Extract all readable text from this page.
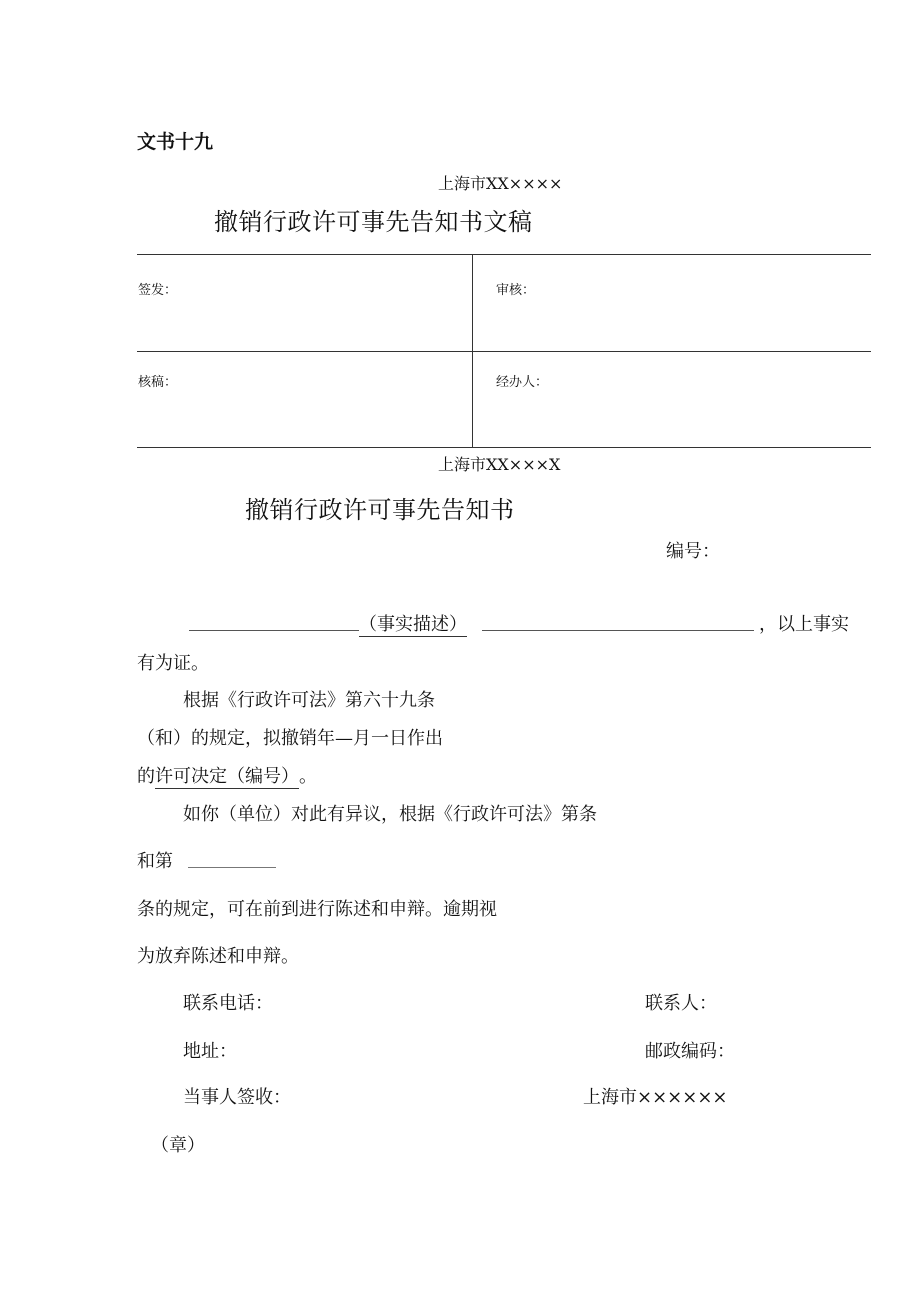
文书十九
上海市XX××××
撤销行政许可事先告知书文稿
签发：	审核：
核稿：	经办人：
上海市XX×××X
撤销行政许可事先告知书
编号：
（事实描述）	，以上事实
有为证。
根据《行政许可法》第六十九条
（和）的规定，拟撤销年—月一日作出
的许可决定（编号）。
如你（单位）对此有异议，根据《行政许可法》第条
和第
条的规定，可在前到进行陈述和申辩。逾期视
为放弃陈述和申辩。
联系电话：	联系人：
地址：	邮政编码：
当事人签收：	上海市××××××
（章）
